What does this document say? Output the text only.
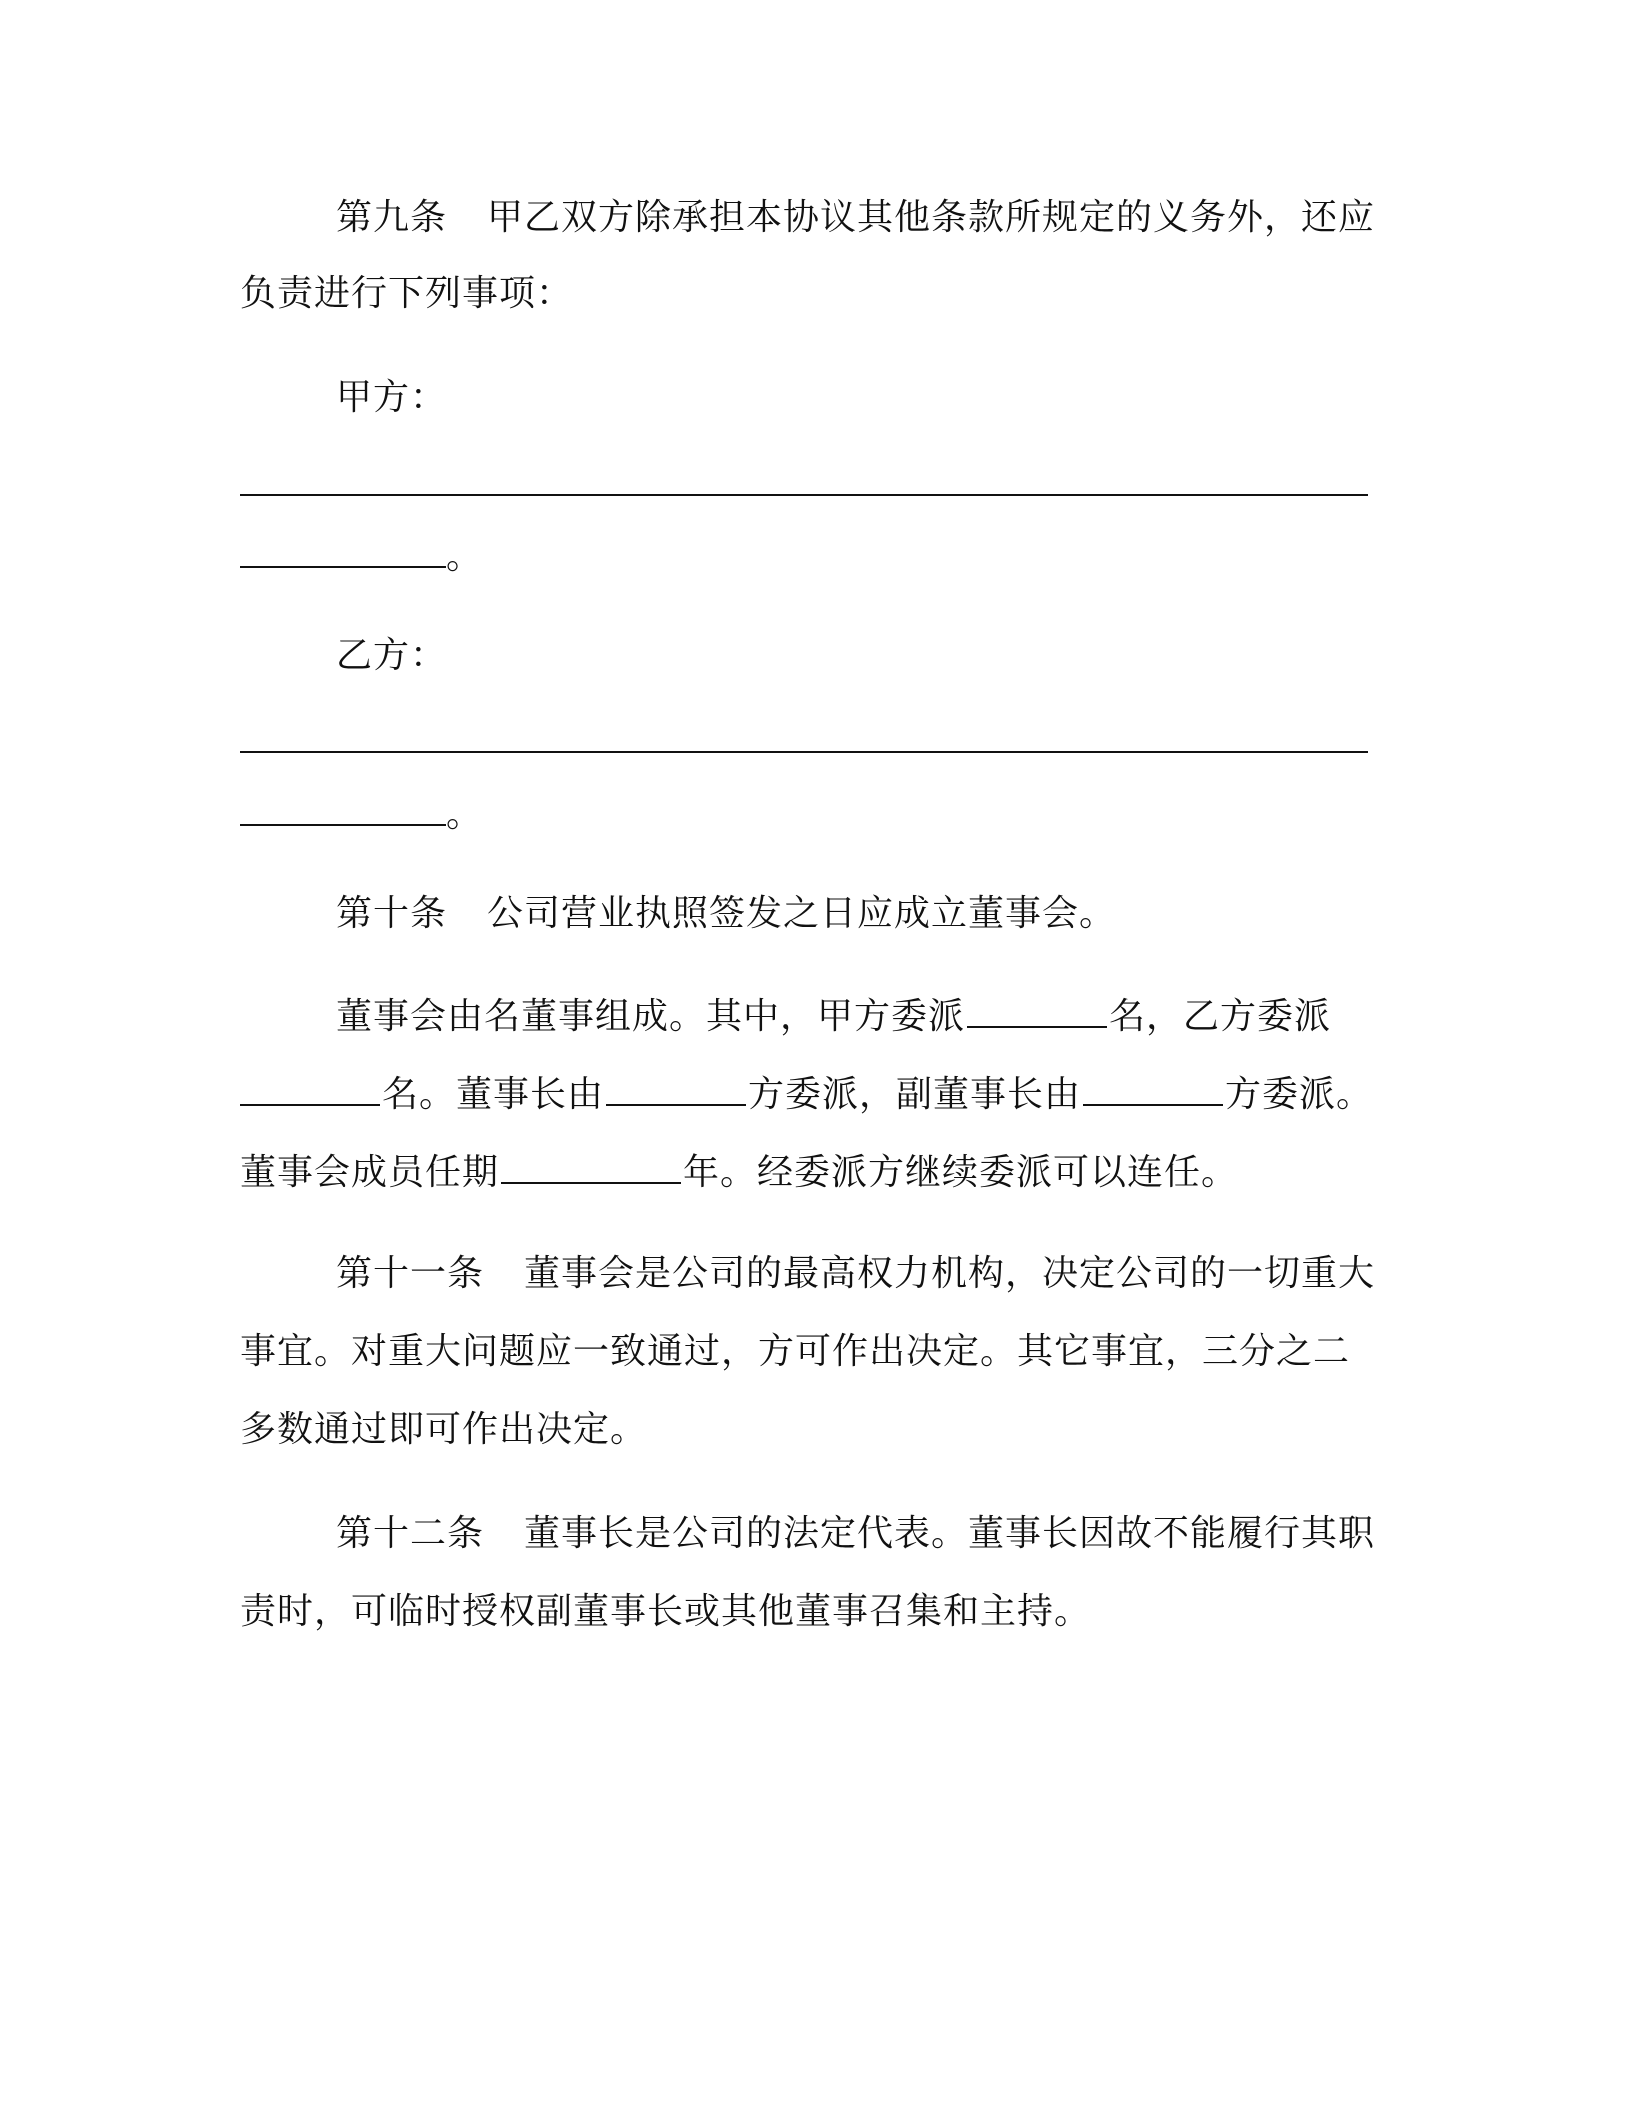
第九条 甲乙双方除承担本协议其他条款所规定的义务外，还应
负责进行下列事项：
甲方：
。
乙方：
。
第十条 公司营业执照签发之日应成立董事会。
董事会由名董事组成。其中，甲方委派	名，乙方委派
名。董事长由	方委派，副董事长由	方委派。
董事会成员任期	年。经委派方继续委派可以连任。
第十一条 董事会是公司的最高权力机构，决定公司的一切重大
事宜。对重大问题应一致通过，方可作出决定。其它事宜，三分之二
多数通过即可作出决定。
第十二条 董事长是公司的法定代表。董事长因故不能履行其职
责时，可临时授权副董事长或其他董事召集和主持。
